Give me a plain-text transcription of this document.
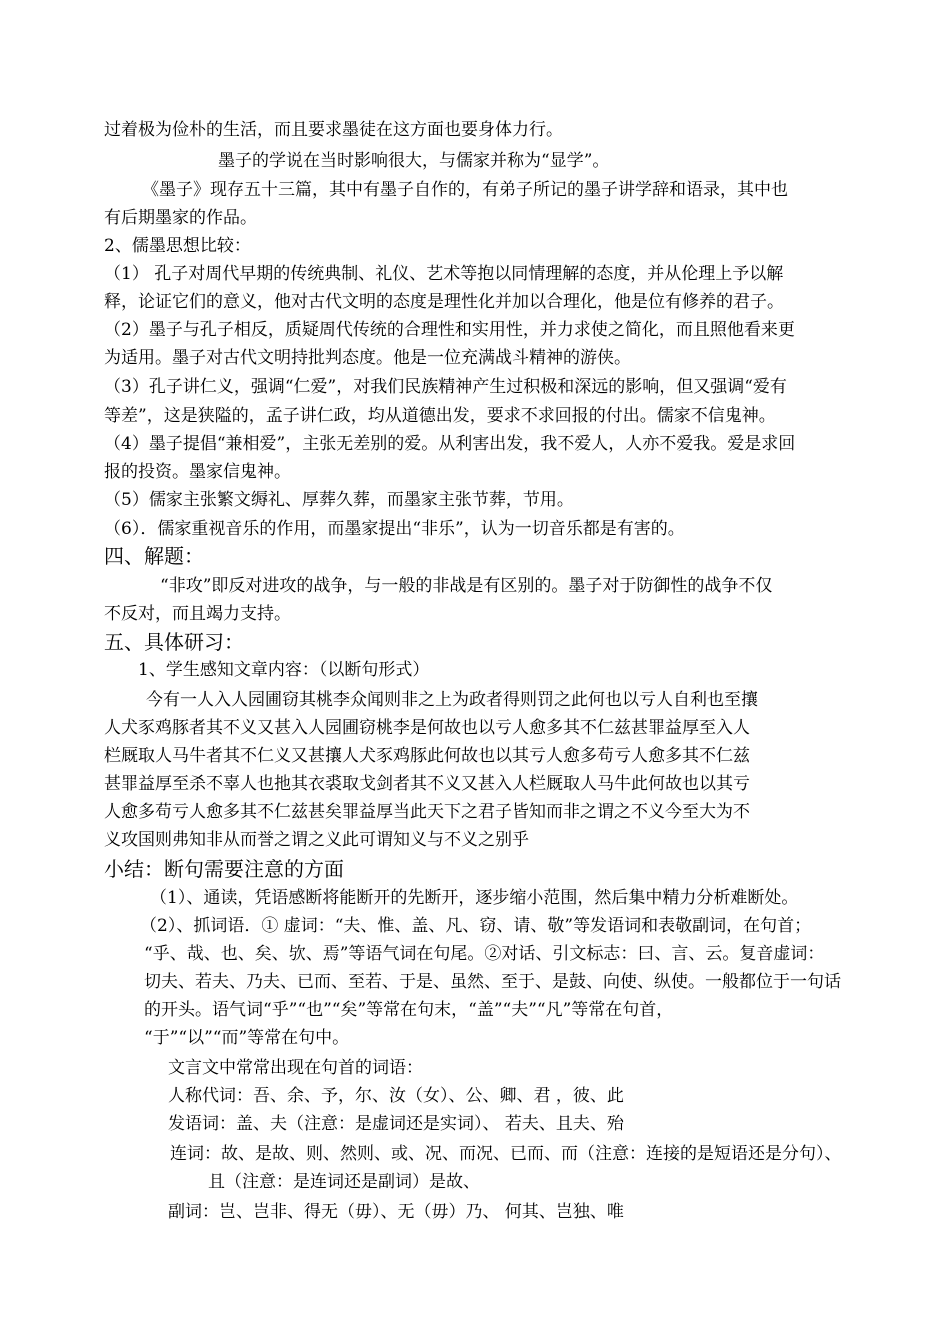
过着极为俭朴的生活，而且要求墨徒在这方面也要身体力行。
墨子的学说在当时影响很大，与儒家并称为“显学”。
《墨子》现存五十三篇，其中有墨子自作的，有弟子所记的墨子讲学辞和语录，其中也
有后期墨家的作品。
2、儒墨思想比较：
（1） 孔子对周代早期的传统典制、礼仪、艺术等抱以同情理解的态度，并从伦理上予以解
释，论证它们的意义，他对古代文明的态度是理性化并加以合理化，他是位有修养的君子。
（2）墨子与孔子相反，质疑周代传统的合理性和实用性，并力求使之简化，而且照他看来更
为适用。墨子对古代文明持批判态度。他是一位充满战斗精神的游侠。
（3）孔子讲仁义，强调“仁爱”，对我们民族精神产生过积极和深远的影响，但又强调“爱有
等差”，这是狭隘的，孟子讲仁政，均从道德出发，要求不求回报的付出。儒家不信鬼神。
（4）墨子提倡“兼相爱”，主张无差别的爱。从利害出发，我不爱人，人亦不爱我。爱是求回
报的投资。墨家信鬼神。
（5）儒家主张繁文缛礼、厚葬久葬，而墨家主张节葬，节用。
（6）．儒家重视音乐的作用，而墨家提出“非乐”，认为一切音乐都是有害的。
四、解题：
“非攻”即反对进攻的战争，与一般的非战是有区别的。墨子对于防御性的战争不仅
不反对，而且竭力支持。
五、具体研习：
1、学生感知文章内容：（以断句形式）
今有一人入人园圃窃其桃李众闻则非之上为政者得则罚之此何也以亏人自利也至攘
人犬豕鸡豚者其不义又甚入人园圃窃桃李是何故也以亏人愈多其不仁兹甚罪益厚至入人
栏厩取人马牛者其不仁义又甚攘人犬豕鸡豚此何故也以其亏人愈多苟亏人愈多其不仁兹
甚罪益厚至杀不辜人也扡其衣裘取戈剑者其不义又甚入人栏厩取人马牛此何故也以其亏
人愈多苟亏人愈多其不仁兹甚矣罪益厚当此天下之君子皆知而非之谓之不义今至大为不
义攻国则弗知非从而誉之谓之义此可谓知义与不义之别乎
小结：断句需要注意的方面
（1）、通读，凭语感断将能断开的先断开，逐步缩小范围，然后集中精力分析难断处。
（2）、抓词语．① 虚词：“夫、惟、盖、凡、窃、请、敬”等发语词和表敬副词，在句首；
“乎、哉、也、矣、欤、焉”等语气词在句尾。②对话、引文标志：曰、言、云。复音虚词：
切夫、若夫、乃夫、已而、至若、于是、虽然、至于、是鼓、向使、纵使。一般都位于一句话
的开头。语气词“乎”“也”“矣”等常在句末，“盖”“夫”“凡”等常在句首，
“于”“以”“而”等常在句中。
文言文中常常出现在句首的词语：
人称代词：吾、余、予，尔、汝（女）、公、卿、君 ，彼、此
发语词：盖、夫（注意：是虚词还是实词）、 若夫、且夫、殆
连词：故、是故、则、然则、或、况、而况、已而、而（注意：连接的是短语还是分句）、
且（注意：是连词还是副词）是故、
副词：岂、岂非、得无（毋）、无（毋）乃、 何其、岂独、唯
